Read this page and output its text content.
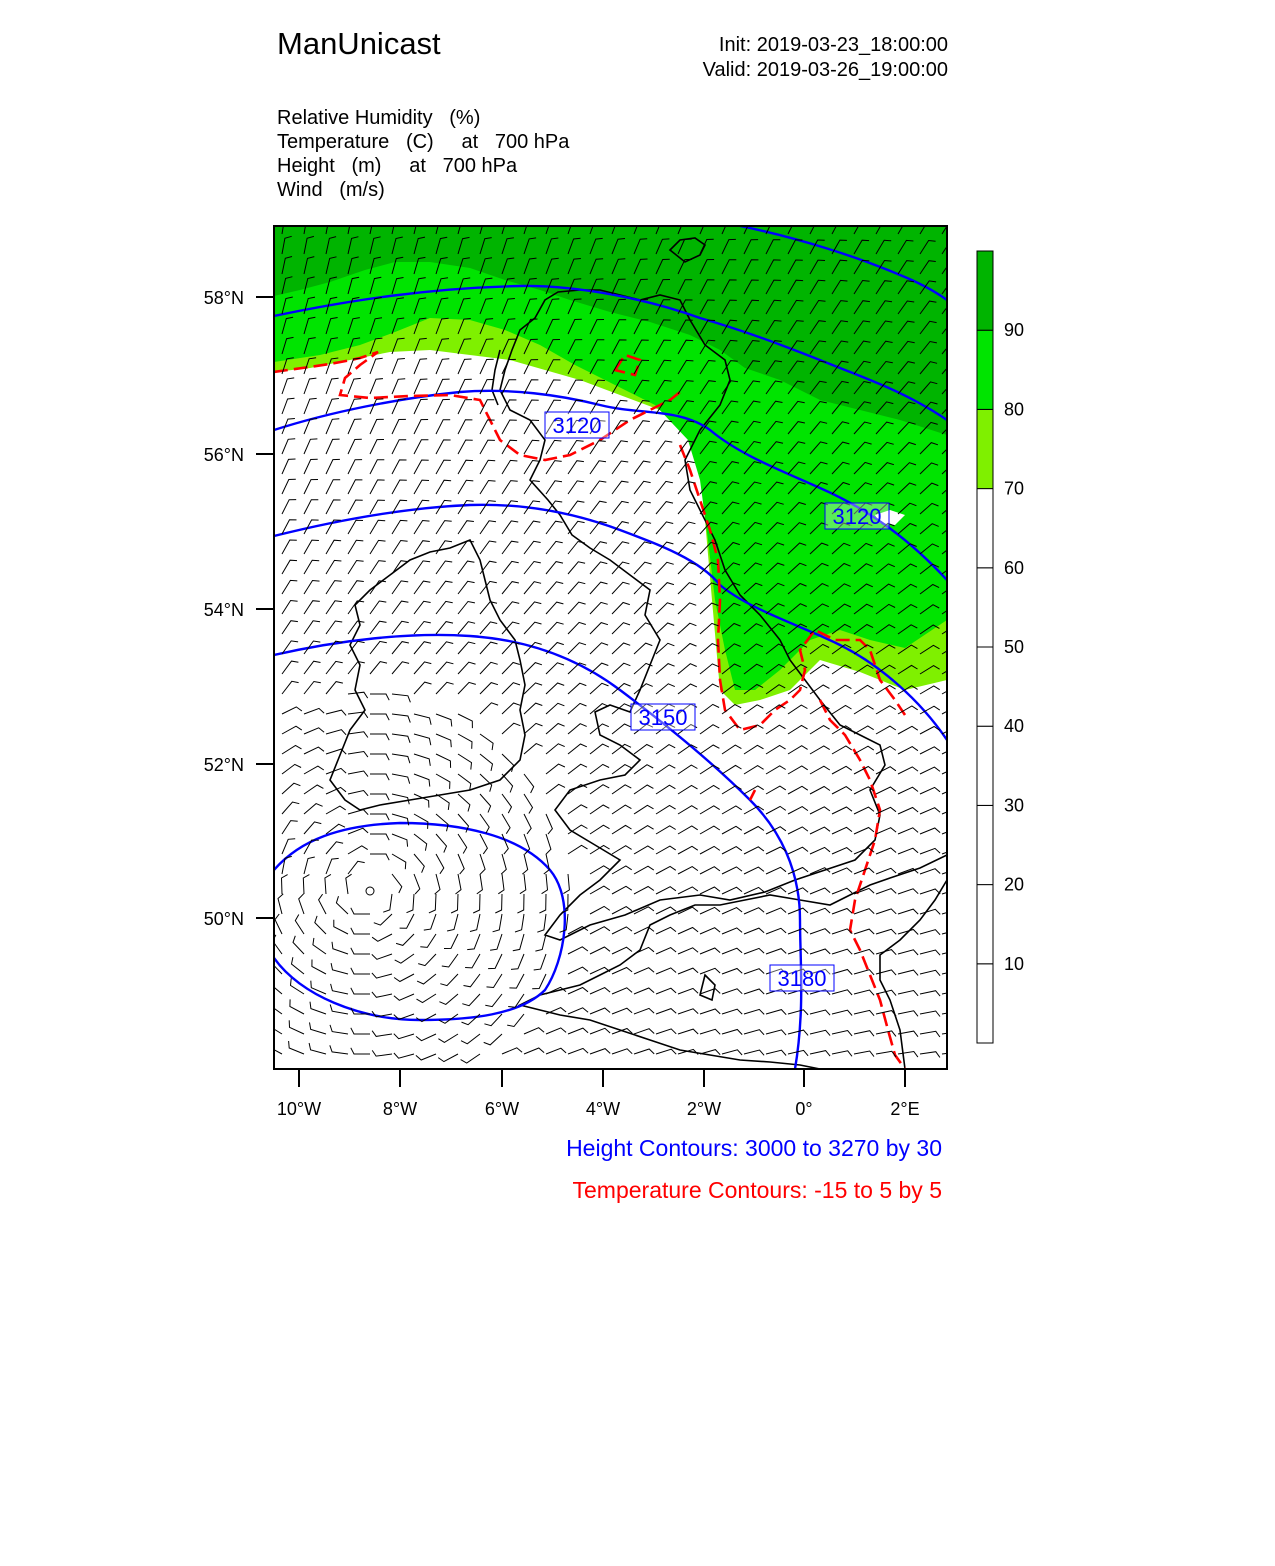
ManUnicast	Init: 2019-03-23_18:00:00
Valid: 2019-03-26_19:00:00
Relative Humidity   (%)
Temperature   (C)     at   700 hPa
Height   (m)     at   700 hPa
Wind   (m/s)
3120
3120
3150
3180
58°N
56°N
54°N
52°N
50°N
10°W	8°W	6°W	4°W	2°W	0°	2°E
10
20
30
40
50
60
70
80
90
Height Contours: 3000 to 3270 by 30
Temperature Contours: -15 to 5 by 5
